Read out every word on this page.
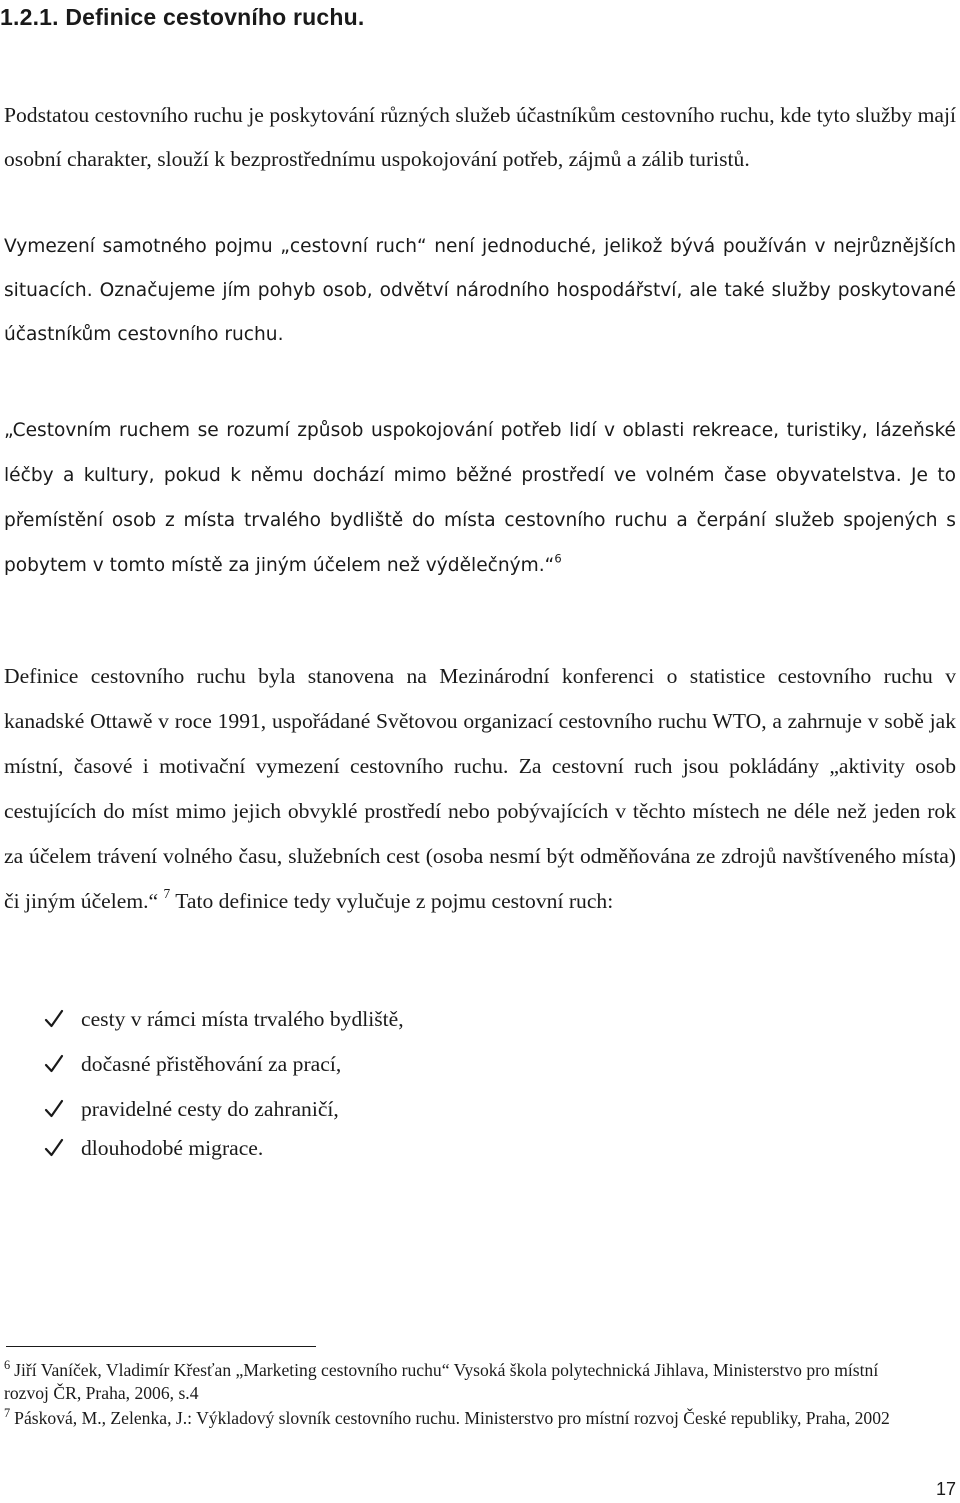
1.2.1. Definice cestovního ruchu.

Podstatou cestovního ruchu je poskytování různých služeb účastníkům cestovního ruchu, kde tyto služby mají osobní charakter, slouží k bezprostřednímu uspokojování potřeb, zájmů a zálib turistů.

Vymezení samotného pojmu „cestovní ruch“ není jednoduché, jelikož bývá používán v nejrůznějších situacích. Označujeme jím pohyb osob, odvětví národního hospodářství, ale také služby poskytované účastníkům cestovního ruchu.

„Cestovním ruchem se rozumí způsob uspokojování potřeb lidí v oblasti rekreace, turistiky, lázeňské léčby a kultury, pokud k němu dochází mimo běžné prostředí ve volném čase obyvatelstva. Je to přemístění osob z místa trvalého bydliště do místa cestovního ruchu a čerpání služeb spojených s pobytem v tomto místě za jiným účelem než výdělečným.“$^6$

Definice cestovního ruchu byla stanovena na Mezinárodní konferenci o statistice cestovního ruchu v kanadské Ottawě v roce 1991, uspořádané Světovou organizací cestovního ruchu WTO, a zahrnuje v sobě jak místní, časové i motivační vymezení cestovního ruchu. Za cestovní ruch jsou pokládány „aktivity osob cestujících do míst mimo jejich obvyklé prostředí nebo pobývajících v těchto místech ne déle než jeden rok za účelem trávení volného času, služebních cest (osoba nesmí být odměňována ze zdrojů navštíveného místa) či jiným účelem.“ $^7$ Tato definice tedy vylučuje z pojmu cestovní ruch:

cesty v rámci místa trvalého bydliště,
dočasné přistěhování za prací,
pravidelné cesty do zahraničí,
dlouhodobé migrace.

$^6$ Jiří Vaníček, Vladimír Křesťan „Marketing cestovního ruchu“ Vysoká škola polytechnická Jihlava, Ministerstvo pro místní rozvoj ČR, Praha, 2006, s.4

$^7$ Pásková, M., Zelenka, J.: Výkladový slovník cestovního ruchu. Ministerstvo pro místní rozvoj České republiky, Praha, 2002

17
